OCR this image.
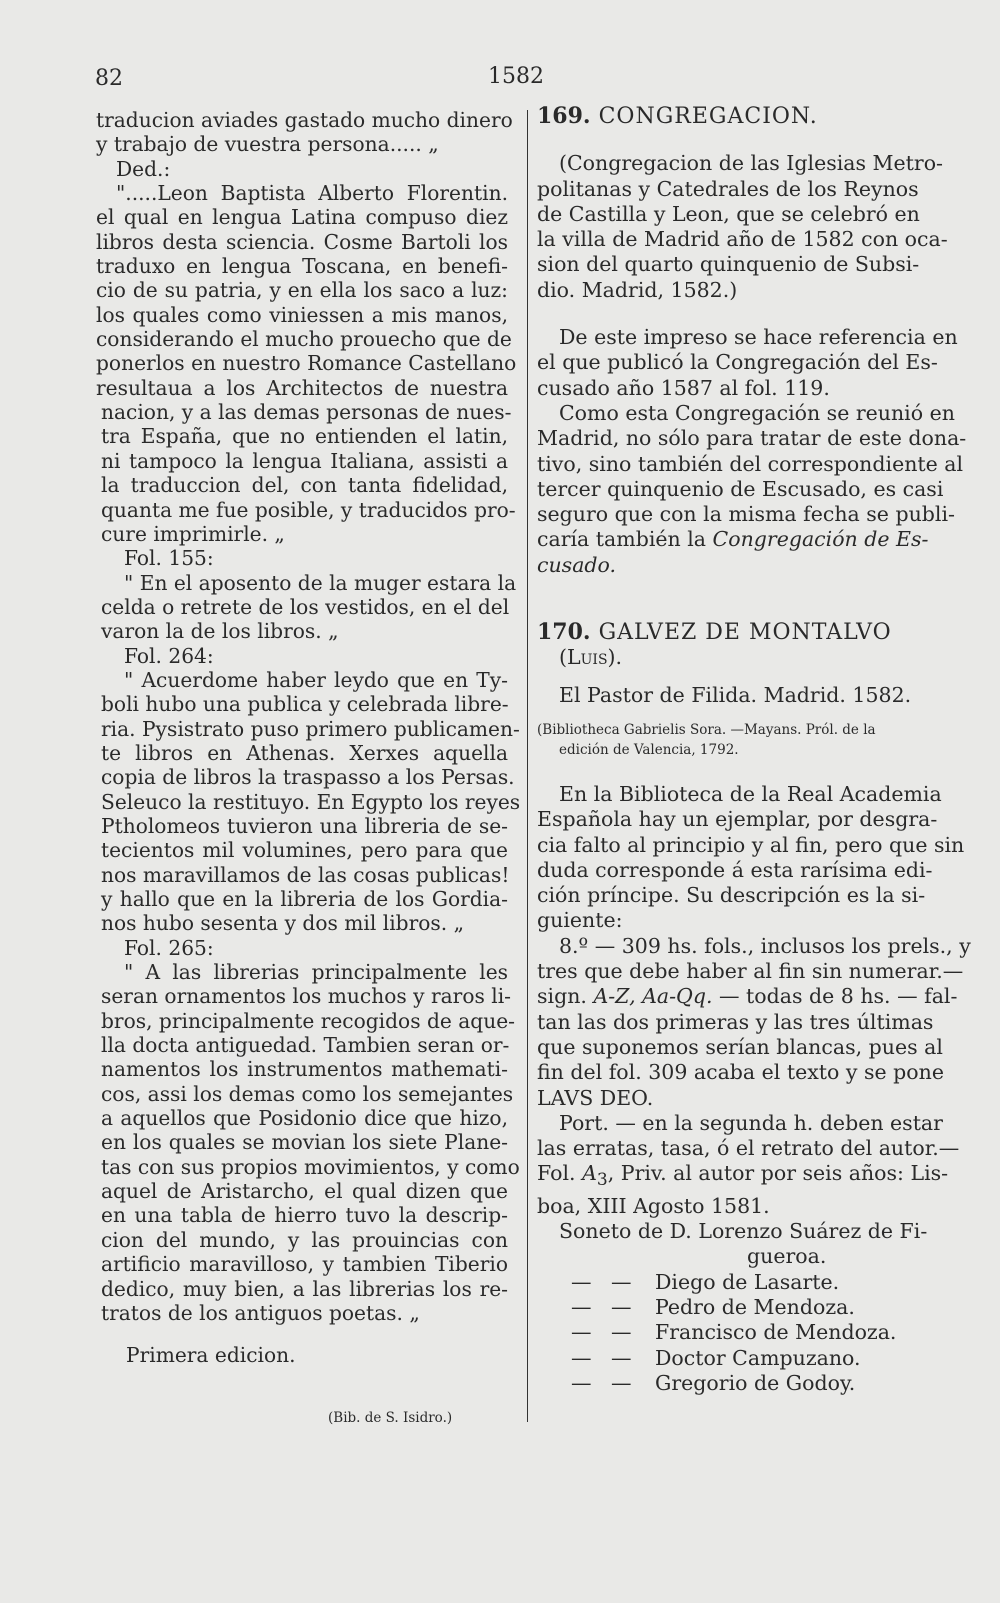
82	1582
traducion aviades gastado mucho dinero
y trabajo de vuestra persona..... „
Ded.:
".....Leon Baptista Alberto Florentin.
el qual en lengua Latina compuso diez
libros desta sciencia. Cosme Bartoli los
traduxo en lengua Toscana, en benefi-
cio de su patria, y en ella los saco a luz:
los quales como viniessen a mis manos,
considerando el mucho prouecho que de
ponerlos en nuestro Romance Castellano
resultaua a los Architectos de nuestra
nacion, y a las demas personas de nues-
tra España, que no entienden el latin,
ni tampoco la lengua Italiana, assisti a
la traduccion del, con tanta fidelidad,
quanta me fue posible, y traducidos pro-
cure imprimirle. „
Fol. 155:
" En el aposento de la muger estara la
celda o retrete de los vestidos, en el del
varon la de los libros. „
Fol. 264:
" Acuerdome haber leydo que en Ty-
boli hubo una publica y celebrada libre-
ria. Pysistrato puso primero publicamen-
te libros en Athenas. Xerxes aquella
copia de libros la traspasso a los Persas.
Seleuco la restituyo. En Egypto los reyes
Ptholomeos tuvieron una libreria de se-
tecientos mil volumines, pero para que
nos maravillamos de las cosas publicas!
y hallo que en la libreria de los Gordia-
nos hubo sesenta y dos mil libros. „
Fol. 265:
" A las librerias principalmente les
seran ornamentos los muchos y raros li-
bros, principalmente recogidos de aque-
lla docta antiguedad. Tambien seran or-
namentos los instrumentos mathemati-
cos, assi los demas como los semejantes
a aquellos que Posidonio dice que hizo,
en los quales se movian los siete Plane-
tas con sus propios movimientos, y como
aquel de Aristarcho, el qual dizen que
en una tabla de hierro tuvo la descrip-
cion del mundo, y las prouincias con
artificio maravilloso, y tambien Tiberio
dedico, muy bien, a las librerias los re-
tratos de los antiguos poetas. „
Primera edicion.
(Bib. de S. Isidro.)
169. CONGREGACION.
(Congregacion de las Iglesias Metro-
politanas y Catedrales de los Reynos
de Castilla y Leon, que se celebró en
la villa de Madrid año de 1582 con oca-
sion del quarto quinquenio de Subsi-
dio. Madrid, 1582.)
De este impreso se hace referencia en
el que publicó la Congregación del Es-
cusado año 1587 al fol. 119.
Como esta Congregación se reunió en
Madrid, no sólo para tratar de este dona-
tivo, sino también del correspondiente al
tercer quinquenio de Escusado, es casi
seguro que con la misma fecha se publi-
caría también la Congregación de Es-
cusado.
170. GALVEZ DE MONTALVO
(Luis).
El Pastor de Filida. Madrid. 1582.
(Bibliotheca Gabrielis Sora. —Mayans. Pról. de la
edición de Valencia, 1792.
En la Biblioteca de la Real Academia
Española hay un ejemplar, por desgra-
cia falto al principio y al fin, pero que sin
duda corresponde á esta rarísima edi-
ción príncipe. Su descripción es la si-
guiente:
8.º — 309 hs. fols., inclusos los prels., y
tres que debe haber al fin sin numerar.—
sign. A-Z, Aa-Qq. — todas de 8 hs. — fal-
tan las dos primeras y las tres últimas
que suponemos serían blancas, pues al
fin del fol. 309 acaba el texto y se pone
LAVS DEO.
Port. — en la segunda h. deben estar
las erratas, tasa, ó el retrato del autor.—
Fol. $A_3$, Priv. al autor por seis años: Lis-
boa, XIII Agosto 1581.
Soneto de D. Lorenzo Suárez de Fi-
gueroa.
— —	Diego de Lasarte.
— —	Pedro de Mendoza.
— —	Francisco de Mendoza.
— —	Doctor Campuzano.
— —	Gregorio de Godoy.
